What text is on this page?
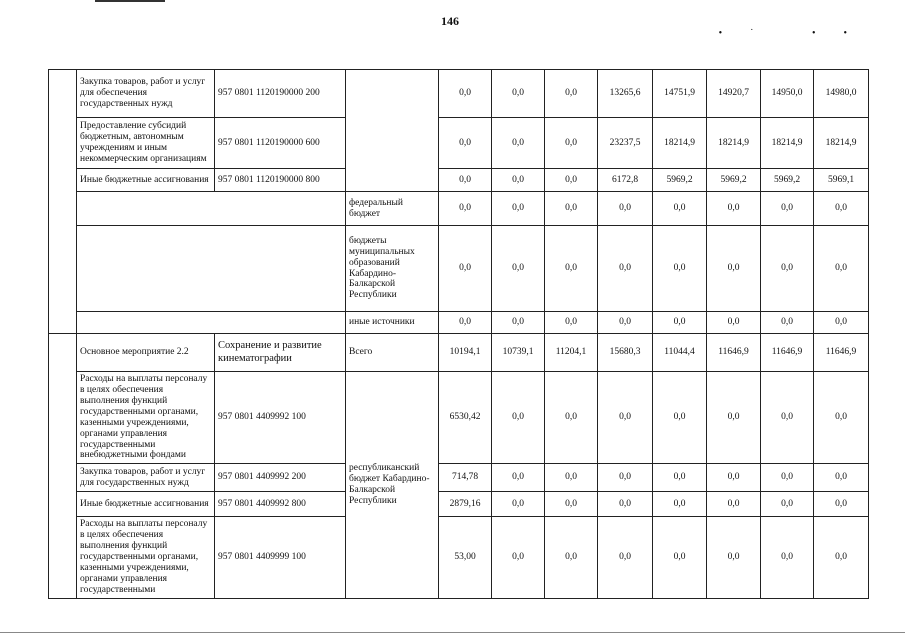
146
•˙ ••
	Закупка товаров, работ и услуг для обеспечения государственных нужд	957 0801 1120190000 200		0,0	0,0	0,0	13265,6	14751,9	14920,7	14950,0	14980,0
	Предоставление субсидий бюджетным, автономным учреждениям и иным некоммерческим организациям	957 0801 1120190000 600		0,0	0,0	0,0	23237,5	18214,9	18214,9	18214,9	18214,9
	Иные бюджетные ассигнования	957 0801 1120190000 800		0,0	0,0	0,0	6172,8	5969,2	5969,2	5969,2	5969,1
			федеральный бюджет	0,0	0,0	0,0	0,0	0,0	0,0	0,0	0,0
			бюджеты муниципальных образований Кабардино-Балкарской Республики	0,0	0,0	0,0	0,0	0,0	0,0	0,0	0,0
			иные источники	0,0	0,0	0,0	0,0	0,0	0,0	0,0	0,0
	Основное мероприятие 2.2	Сохранение и развитие кинематографии	Всего	10194,1	10739,1	11204,1	15680,3	11044,4	11646,9	11646,9	11646,9
	Расходы на выплаты персоналу в целях обеспечения выполнения функций государственными органами, казенными учреждениями, органами управления государственными внебюджетными фондами	957 0801 4409992 100	республиканский бюджет Кабардино-Балкарской Республики	6530,42	0,0	0,0	0,0	0,0	0,0	0,0	0,0
	Закупка товаров, работ и услуг для государственных нужд	957 0801 4409992 200		714,78	0,0	0,0	0,0	0,0	0,0	0,0	0,0
	Иные бюджетные ассигнования	957 0801 4409992 800		2879,16	0,0	0,0	0,0	0,0	0,0	0,0	0,0
	Расходы на выплаты персоналу в целях обеспечения выполнения функций государственными органами, казенными учреждениями, органами управления государственными	957 0801 4409999 100		53,00	0,0	0,0	0,0	0,0	0,0	0,0	0,0
